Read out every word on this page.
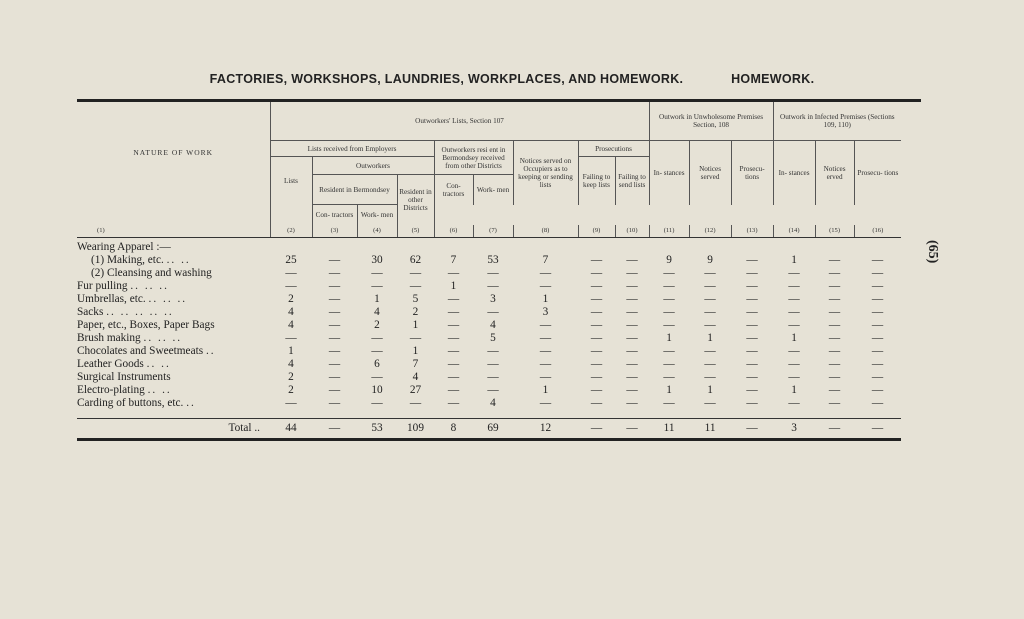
FACTORIES, WORKSHOPS, LAUNDRIES, WORKPLACES, AND HOMEWORK.	HOMEWORK.
(65)
NATURE OF WORK	Outworkers' Lists, Section 107									Outwork in Unwholesome Premises Section, 108			Outwork in Infected Premises (Sections 109, 110)		
	Lists received from Employers				Outworkers resi ent in Bermondsey received from other Districts		Notices served on Occupiers as to keeping or sending lists	Prosecutions		In- stances	Notices served	Prosecu- tions	In- stances	Notices erved	Prosecu- tions
	Lists	Outworkers						Failing to keep lists	Failing to send lists						
		Resident in Bermondsey		Resident in other Districts	Con- tractors	Work- men									
		Con- tractors	Work- men												
(1)	(2)	(3)	(4)	(5)	(6)	(7)	(8)	(9)	(10)	(11)	(12)	(13)	(14)	(15)	(16)
Wearing Apparel :—															
(1) Making, etc. .. ..	25	—	30	62	7	53	7	—	—	9	9	—	1	—	—
(2) Cleansing and washing	—	—	—	—	—	—	—	—	—	—	—	—	—	—	—
Fur pulling .. .. ..	—	—	—	—	1	—	—	—	—	—	—	—	—	—	—
Umbrellas, etc. .. .. ..	2	—	1	5	—	3	1	—	—	—	—	—	—	—	—
Sacks .. .. .. .. ..	4	—	4	2	—	—	3	—	—	—	—	—	—	—	—
Paper, etc., Boxes, Paper Bags	4	—	2	1	—	4	—	—	—	—	—	—	—	—	—
Brush making .. .. ..	—	—	—	—	—	5	—	—	—	1	1	—	1	—	—
Chocolates and Sweetmeats ..	1	—	—	1	—	—	—	—	—	—	—	—	—	—	—
Leather Goods .. ..	4	—	6	7	—	—	—	—	—	—	—	—	—	—	—
Surgical Instruments	2	—	—	4	—	—	—	—	—	—	—	—	—	—	—
Electro-plating .. ..	2	—	10	27	—	—	1	—	—	1	1	—	1	—	—
Carding of buttons, etc. ..	—	—	—	—	—	4	—	—	—	—	—	—	—	—	—
Total ..	44	—	53	109	8	69	12	—	—	11	11	—	3	—	—
